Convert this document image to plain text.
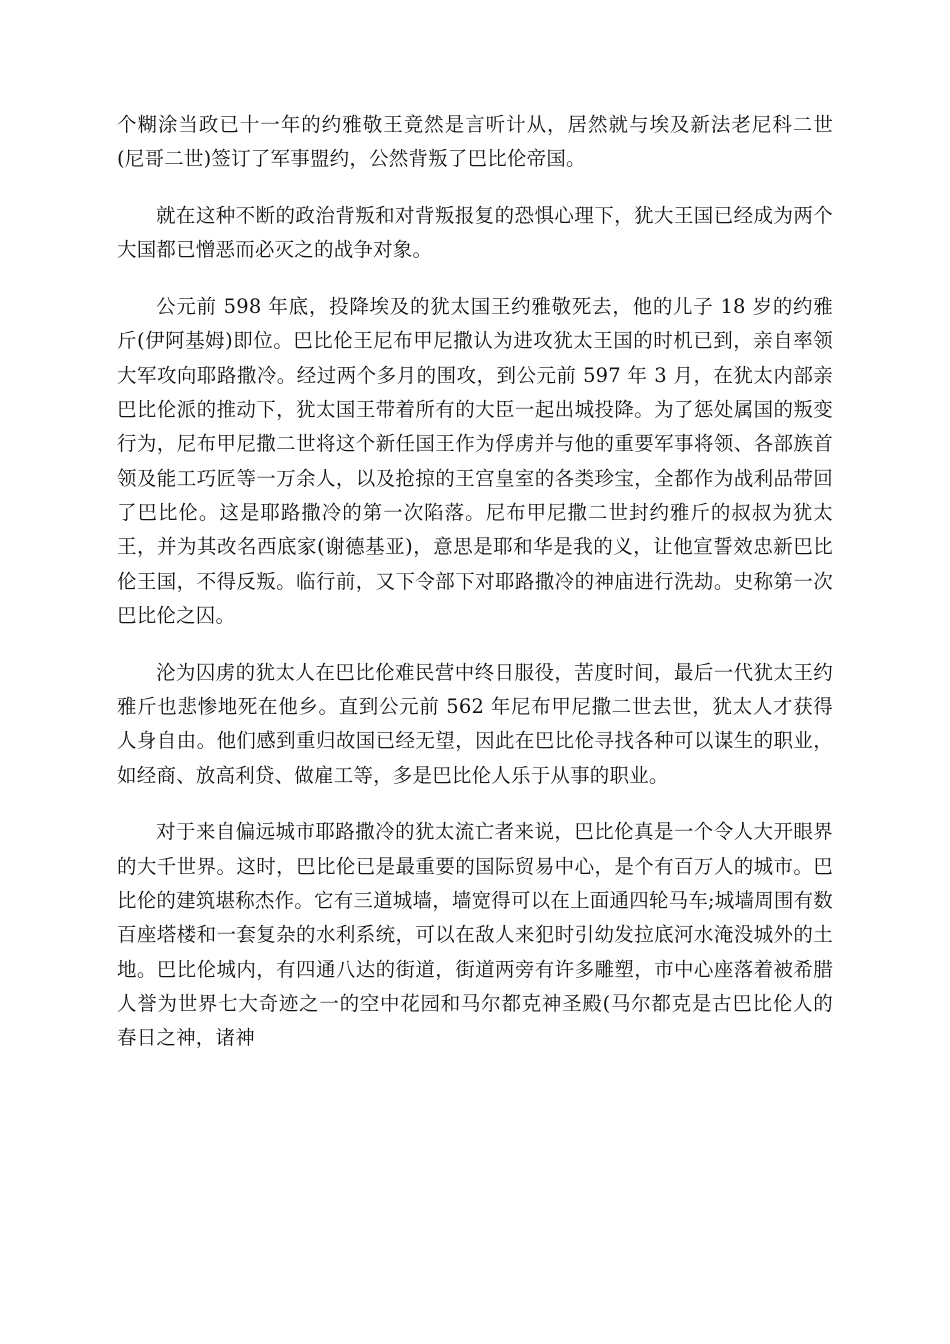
个糊涂当政已十一年的约雅敬王竟然是言听计从，居然就与埃及新法老尼科二世(尼哥二世)签订了军事盟约，公然背叛了巴比伦帝国。

就在这种不断的政治背叛和对背叛报复的恐惧心理下，犹大王国已经成为两个大国都已憎恶而必灭之的战争对象。

公元前 598 年底，投降埃及的犹太国王约雅敬死去，他的儿子 18 岁的约雅斤(伊阿基姆)即位。巴比伦王尼布甲尼撒认为进攻犹太王国的时机已到，亲自率领大军攻向耶路撒冷。经过两个多月的围攻，到公元前 597 年 3 月，在犹太内部亲巴比伦派的推动下，犹太国王带着所有的大臣一起出城投降。为了惩处属国的叛变行为，尼布甲尼撒二世将这个新任国王作为俘虏并与他的重要军事将领、各部族首领及能工巧匠等一万余人，以及抢掠的王宫皇室的各类珍宝，全都作为战利品带回了巴比伦。这是耶路撒冷的第一次陷落。尼布甲尼撒二世封约雅斤的叔叔为犹太王，并为其改名西底家(谢德基亚)，意思是耶和华是我的义，让他宣誓效忠新巴比伦王国，不得反叛。临行前，又下令部下对耶路撒冷的神庙进行洗劫。史称第一次巴比伦之囚。

沦为囚虏的犹太人在巴比伦难民营中终日服役，苦度时间，最后一代犹太王约雅斤也悲惨地死在他乡。直到公元前 562 年尼布甲尼撒二世去世，犹太人才获得人身自由。他们感到重归故国已经无望，因此在巴比伦寻找各种可以谋生的职业，如经商、放高利贷、做雇工等，多是巴比伦人乐于从事的职业。

对于来自偏远城市耶路撒冷的犹太流亡者来说，巴比伦真是一个令人大开眼界的大千世界。这时，巴比伦已是最重要的国际贸易中心，是个有百万人的城市。巴比伦的建筑堪称杰作。它有三道城墙，墙宽得可以在上面通四轮马车;城墙周围有数百座塔楼和一套复杂的水利系统，可以在敌人来犯时引幼发拉底河水淹没城外的土地。巴比伦城内，有四通八达的街道，街道两旁有许多雕塑，市中心座落着被希腊人誉为世界七大奇迹之一的空中花园和马尔都克神圣殿(马尔都克是古巴比伦人的春日之神，诸神
